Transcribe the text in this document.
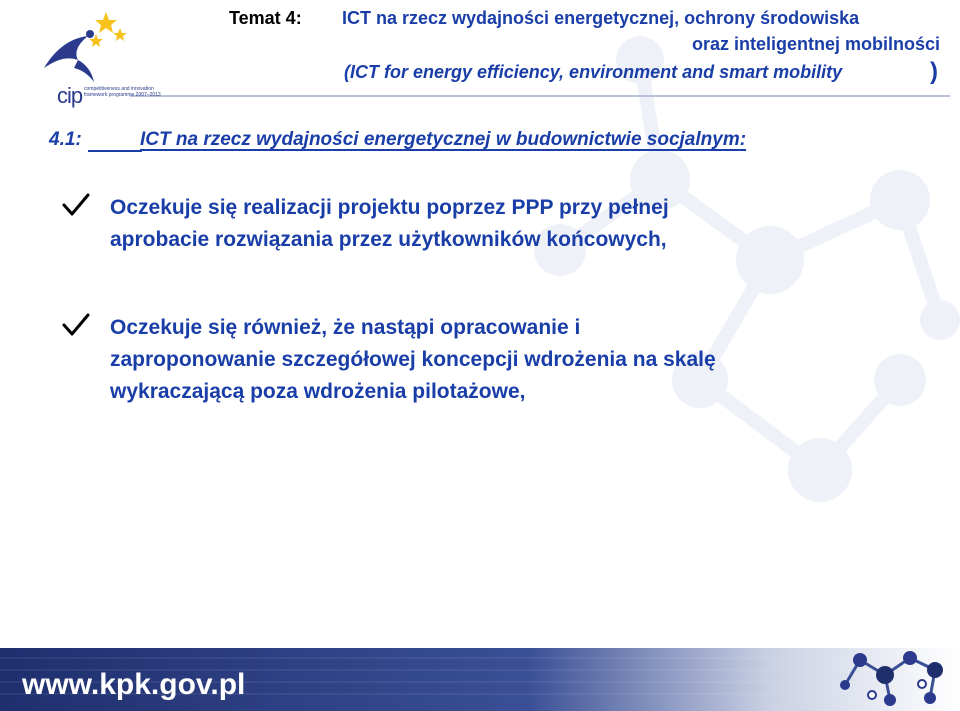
cip competitiveness and innovation framework programme 2007–2013
Temat 4: ICT na rzecz wydajności energetycznej, ochrony środowiska
oraz inteligentnej mobilności
(ICT for energy efficiency, environment and smart mobility	)
4.1:	ICT na rzecz wydajności energetycznej w budownictwie socjalnym:
Oczekuje się realizacji projektu poprzez PPP przy pełnej
aprobacie rozwiązania przez użytkowników końcowych,
Oczekuje się również, że nastąpi opracowanie i
zaproponowanie szczegółowej koncepcji wdrożenia na skalę
wykraczającą poza wdrożenia pilotażowe,
www.kpk.gov.pl
